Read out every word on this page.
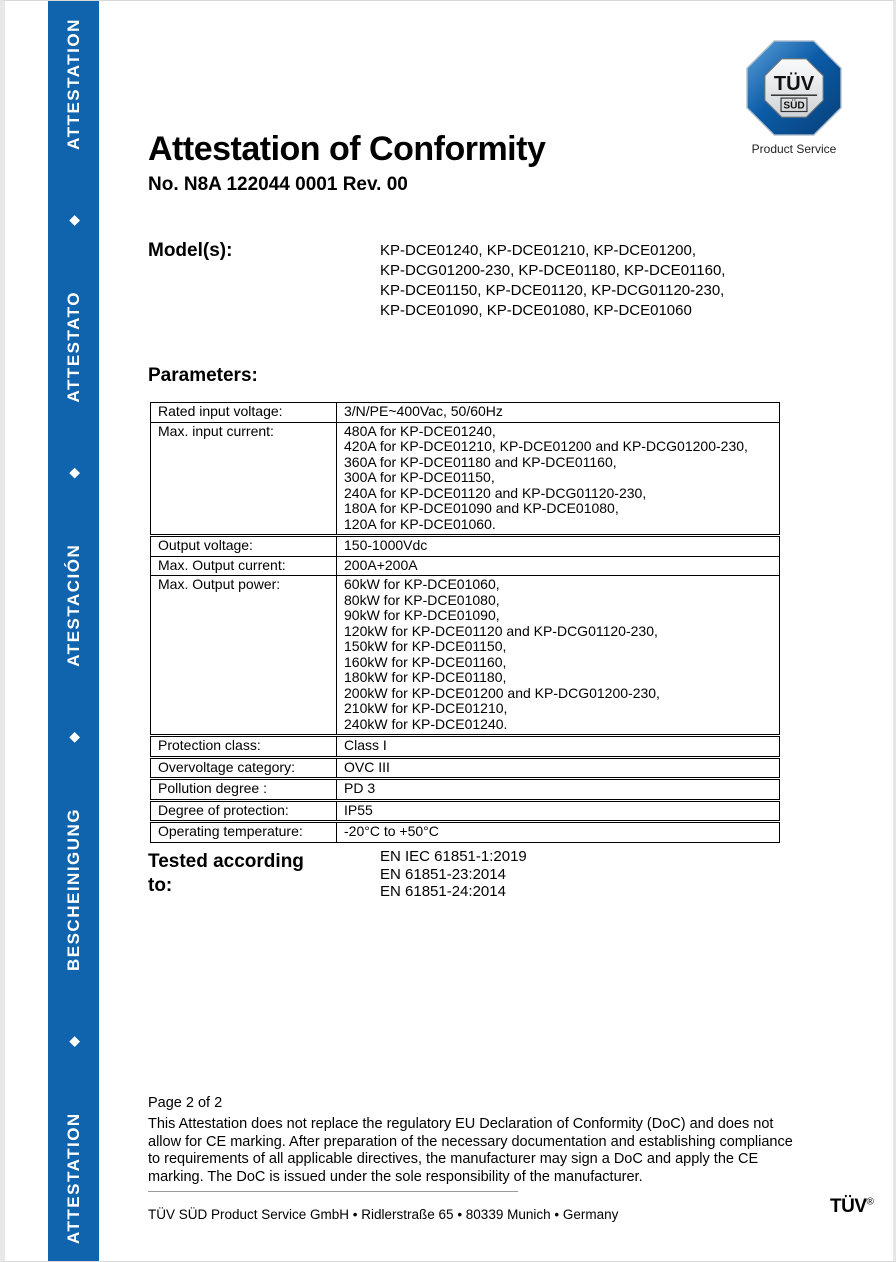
ATTESTATION
◆
ATTESTATO
◆
ATESTACIÓN
◆
BESCHEINIGUNG
◆
ATTESTATION
TÜV
SÜD
Product Service
Attestation of Conformity
No. N8A 122044 0001 Rev. 00
Model(s):	KP-DCE01240, KP-DCE01210, KP-DCE01200,
KP-DCG01200-230, KP-DCE01180, KP-DCE01160,
KP-DCE01150, KP-DCE01120, KP-DCG01120-230,
KP-DCE01090, KP-DCE01080, KP-DCE01060
Parameters:
Rated input voltage:	3/N/PE~400Vac, 50/60Hz

Max. input current:	480A for KP-DCE01240,
420A for KP-DCE01210, KP-DCE01200 and KP-DCG01200-230,
360A for KP-DCE01180 and KP-DCE01160,
300A for KP-DCE01150,
240A for KP-DCE01120 and KP-DCG01120-230,
180A for KP-DCE01090 and KP-DCE01080,
120A for KP-DCE01060.

Output voltage:	150-1000Vdc

Max. Output current:	200A+200A

Max. Output power:	60kW for KP-DCE01060,
80kW for KP-DCE01080,
90kW for KP-DCE01090,
120kW for KP-DCE01120 and KP-DCG01120-230,
150kW for KP-DCE01150,
160kW for KP-DCE01160,
180kW for KP-DCE01180,
200kW for KP-DCE01200 and KP-DCG01200-230,
210kW for KP-DCE01210,
240kW for KP-DCE01240.

Protection class:	Class I

Overvoltage category:	OVC III

Pollution degree :	PD 3

Degree of protection:	IP55

Operating temperature:	-20°C to +50°C
Tested according to:
EN IEC 61851-1:2019
EN 61851-23:2014
EN 61851-24:2014
Page 2 of 2
This Attestation does not replace the regulatory EU Declaration of Conformity (DoC) and does not allow for CE marking. After preparation of the necessary documentation and establishing compliance to requirements of all applicable directives, the manufacturer may sign a DoC and apply the CE marking. The DoC is issued under the sole responsibility of the manufacturer.
TÜV SÜD Product Service GmbH • Ridlerstraße 65 • 80339 Munich • Germany	TÜV®
